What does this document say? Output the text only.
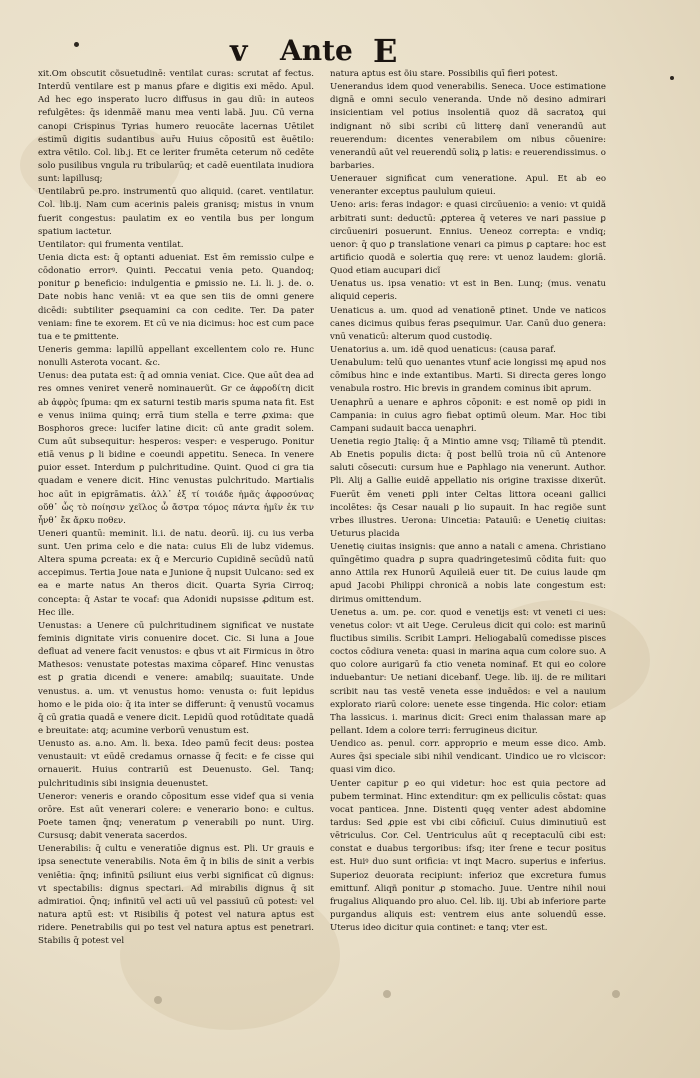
v Ante E

xit.Om obscutit cõsuetudinē: ventilat curas: scrutat af fectus. Interdū ventilare est p manus ꝑfare e digitis exi mēdo. Apul. Ad hec ego insperato lucro diffusus in gau diū: in auteos refulgētes: q̄s idenmāẽ manu mea venti labã. Juu. Cū verna canopi Crispinus Tyrias humero reuocāte lacernas Uētilet estimū digitis sudantibus aur̄u Huius cōpositū est ẽuētilo: extra vētilo. Col. lib.j. Et ce leriter frumēta ceterum nõ cedēte solo pusilibus vngula ru tribularūq; et cadē euentilata inudiora sunt: lapillusq;

Uentilabrū pe.pro. instrumentū quo aliquid. (caret. ventilatur. Col. lib.ij. Nam cum acerinis paleis granisq; mistus in vnum fuerit congestus: paulatim ex eo ventila bus per longum spatium iactetur.

Uentilator: qui frumenta ventilat.

Uenia dicta est: q̄ optanti adueniat. Est ēm remissio culpe e cōdonatio errorꝰ. Quinti. Peccatui venia peto. Quandoq; ponitur ꝑ beneficio: indulgentia e ꝑmissio ne. Li. li. j. de. o. Date nobis hanc veniã: vt ea que sen tiis de omni genere dicēdi: subtiliter ꝑsequamini ca con cedite. Ter. Da pater veniam: fine te exorem. Et cū ve nia dicimus: hoc est cum pace tua e te ꝑmittente.

Ueneris gemma: lapillū appellant excellentem colo re. Hunc nonulli Asterota vocant. &c.

Uenus: dea putata est: q̄ ad omnia veniat. Cice. Que aūt dea ad res omnes veniret venerē nominauerũt. Gr ce ἀφροδίτη dicit ab ἀφρὸς ſpuma: qm ex saturni testib maris spuma nata fit. Est e venus iniima quinq; errā tium stella e terre ꝓxima: que Bosphoros grece: lucifer latine dicit: cū ante gradit solem. Cum aūt subsequitur: hesperos: vesper: e vesperugo. Ponitur etiā venus ꝑ li bidine e coeundi appetitu. Seneca. In venere ꝑuior esset. Interdum ꝑ pulchritudine. Quint. Quod ci gra tia quadam e venere dicit. Hinc venustas pulchritudo. Martialis hoc aūt in epigrāmatis. ἀλλ᾽ ἐξ τί τοιάδε ἡμᾶς ἀφροσύνας οὔθ᾽ ὧς τὸ ποίησιν χεῖλος ὦ ἄστρα τόμος πάντα ἡμῖν ἐκ τιν ἦνθ᾽ ἔκ ἄρκυ ποθεν.

Ueneri quantū: meminit. li.i. de natu. deorū. iij. cu ius verba sunt. Uen prima celo e die nata: cuius Eli de lubz videmus. Altera spuma ꝑcreata: ex q̄ e Mercurio Cupidinē secūdū natū accepimus. Tertia Joue nata e Junione q̄ nupsit Uulcano: sed ex ea e marte natus An theros dicit. Quarta Syria Cirroq; concepta: q̄ Astar te vocaf: qua Adonidi nupsisse ꝓditum est. Hec ille.

Uenustas: a Uenere cū pulchritudinem significat ve nustate feminis dignitate viris conuenire docet. Cic. Si luna a Joue defluat ad venere facit venustos: e qbus vt ait Firmicus in õtro Mathesos: venustate potestas maxima cōparef. Hinc venustas est ꝑ gratia dicendi e venere: amabilq; suauitate. Unde venustus. a. um. vt venustus homo: venusta o: fuit lepidus homo e le pida oio: q̄ ita inter se differunt: q̄ venustū vocamus q̄ cū gratia quadā e venere dicit. Lepidū quod rotūditate quadā e breuitate: atq; acumine verborū venustum est.

Uenusto as. a.no. Am. li. bexa. Ideo pamū fecit deus: postea venustauit: vt eūdē credamus ornasse q̄ fecit: e fe cisse qui ornauerit. Huius contrariū est Deuenusto. Gel. Tanq; pulchritudinis sibi insignia deuenustet.

Ueneror: veneris e orando cōpositum esse videf qua si venia orōre. Est aūt venerari colere: e venerario bono: e cultus. Poete tamen q̄nq; veneratum ꝑ venerabili po nunt. Uirg. Cursusq; dabit venerata sacerdos.

Uenerabilis: q̄ cultu e veneratiōe dignus est. Pli. Ur grauis e ipsa senectute venerabilis. Nota ēm q̄ in bilis de sinit a verbis veniētia: q̄nq; infinitū ꝑsiliunt eius verbi significat cū dignus: vt spectabilis: dignus spectari. Ad mirabilis dignus q̄ sit admiratioi. Q̄nq; infinitū vel acti uū vel passiuū cū potest: vel natura aptū est: vt Risibilis q̄ potest vel natura aptus est ridere. Penetrabilis qui po test vel natura aptus est penetrari. Stabilis q̄ potest vel

natura aptus est õiu stare. Possibilis quī fieri potest.

Uenerandus idem quod venerabilis. Seneca. Uoce estimatione dignā e omni seculo veneranda. Unde nõ desino admirari insicientiam vel potius insolentiã quoz dã sacratoꝝ qui indignant nõ sibi scribi cū litterę danĩ venerandū aut reuerendum: dicentes venerabilem om nibus cōuenire: venerandū aūt vel reuerendū soliꝝ p latis: e reuerendissimus. o barbaries.

Uenerauer significat cum veneratione. Apul. Et ab eo veneranter exceptus paululum quieui.

Ueno: aris: feras indagor: e quasi circūuenio: a venio: vt quidã arbitrati sunt: deductū: ꝓpterea q̄ veteres ve nari passiue ꝑ circūueniri posuerunt. Ennius. Ueneoz correpta: e vndiq; uenor: q̄ quo ꝑ translatione venari ca pimus ꝑ captare: hoc est artificio quodã e solertia quę rere: vt uenoz laudem: gloriā. Quod etiam aucupari dicĩ

Uenatus us. ipsa venatio: vt est in Ben. Lunq; (mus. venatu aliquid ceperis.

Uenaticus a. um. quod ad venationē ꝑtinet. Unde ve naticos canes dicimus quibus feras ꝑsequimur. Uar. Canū duo genera: vnū venaticū: alterum quod custodię.

Uenatorius a. um. idē quod uenaticus: (causa paraf.

Uenabulum: telū quo uenantes vtunf acie longissi mę apud nos cōmibus hinc e inde extantibus. Marti. Si directa geres longo venabula rostro. Hic brevis in grandem cominus ibit aprum.

Uenaphrū a uenare e aphros cōponit: e est nomē op pidi in Campania: in cuius agro fiebat optimū oleum. Mar. Hoc tibi Campani sudauit bacca uenaphri.

Uenetia regio Jtalię: q̄ a Mintio amne vsq; Tiliamē tũ ptendit. Ab Enetis populis dicta: q̄ post bellū troia nū cū Antenore saluti cōsecuti: cursum hue e Paphlago nia venerunt. Author. Pli. Alij a Gallie euidē appellatio nis origine traxisse dixerūt. Fuerūt ēm veneti ꝑpli inter Celtas littora oceani gallici incolētes: q̄s Cesar nauali ꝑ lio supauit. In hac regiõe sunt vrbes illustres. Uerona: Uincetia: Patauiū: e Uenetię ciuitas: Ueturus placida

Uenetię ciuitas insignis: que anno a natali c amena. Christiano quīngētimo quadra ꝑ supra quadringetesimū cōdita fuit: quo anno Attila rex Hunorū Aquileiã euer tit. De cuius laude qm apud Jacobi Philippi chronicã a nobis late congestum est: dirimus omittendum.

Uenetus a. um. pe. cor. quod e venetijs est: vt veneti ci ues: venetus color: vt ait Uege. Ceruleus dicit qui colo: est marinū fluctibus similis. Scribit Lampri. Heliogabalū comedisse pisces coctos cōdiura veneta: quasi in marina aqua cum colore suo. A quo colore aurigarū fa ctio veneta nominaf. Et qui eo colore induebantur: Ue netiani dicebanf. Uege. lib. iij. de re militari scribit nau tas vestē veneta esse induēdos: e vel a nauium explorato riarū colore: uenete esse tingenda. Hic color: etiam Tha lassicus. i. marinus dicit: Greci enim thalassan mare ap pellant. Idem a colore terri: ferrugineus dicitur.

Uendico as. penul. corr. approprio e meum esse dico. Amb. Aures q̄si speciale sibi nihil vendicant. Uindico ue ro vlciscor: quasi vim dico.

Uenter capitur ꝑ eo qui videtur: hoc est quia pectore ad pubem terminat. Hinc extenditur: qm ex pelliculis cōstat: quas vocat panticea. Jnne. Distenti quęq venter adest abdomine tardus: Sed ꝓpie est vbi cibi cōficiuĩ. Cuius diminutiuū est vētriculus. Cor. Cel. Uentriculus aūt q receptaculū cibi est: constat e duabus tergoribus: ifsq; iter ſrene e tecur positus est. Huiꝰ duo sunt orificia: vt inqt Macro. superius e inferius. Superioz deuorata recipiunt: inferioz que excretura fumus emittunf. Aliqñ ponitur ꝓ stomacho. Juue. Uentre nihil noui frugalius Aliquando pro aluo. Cel. lib. iij. Ubi ab inferiore parte purgandus aliquis est: ventrem eius ante soluendū esse. Uterus ideo dicitur quia continet: e tanq; vter est.
